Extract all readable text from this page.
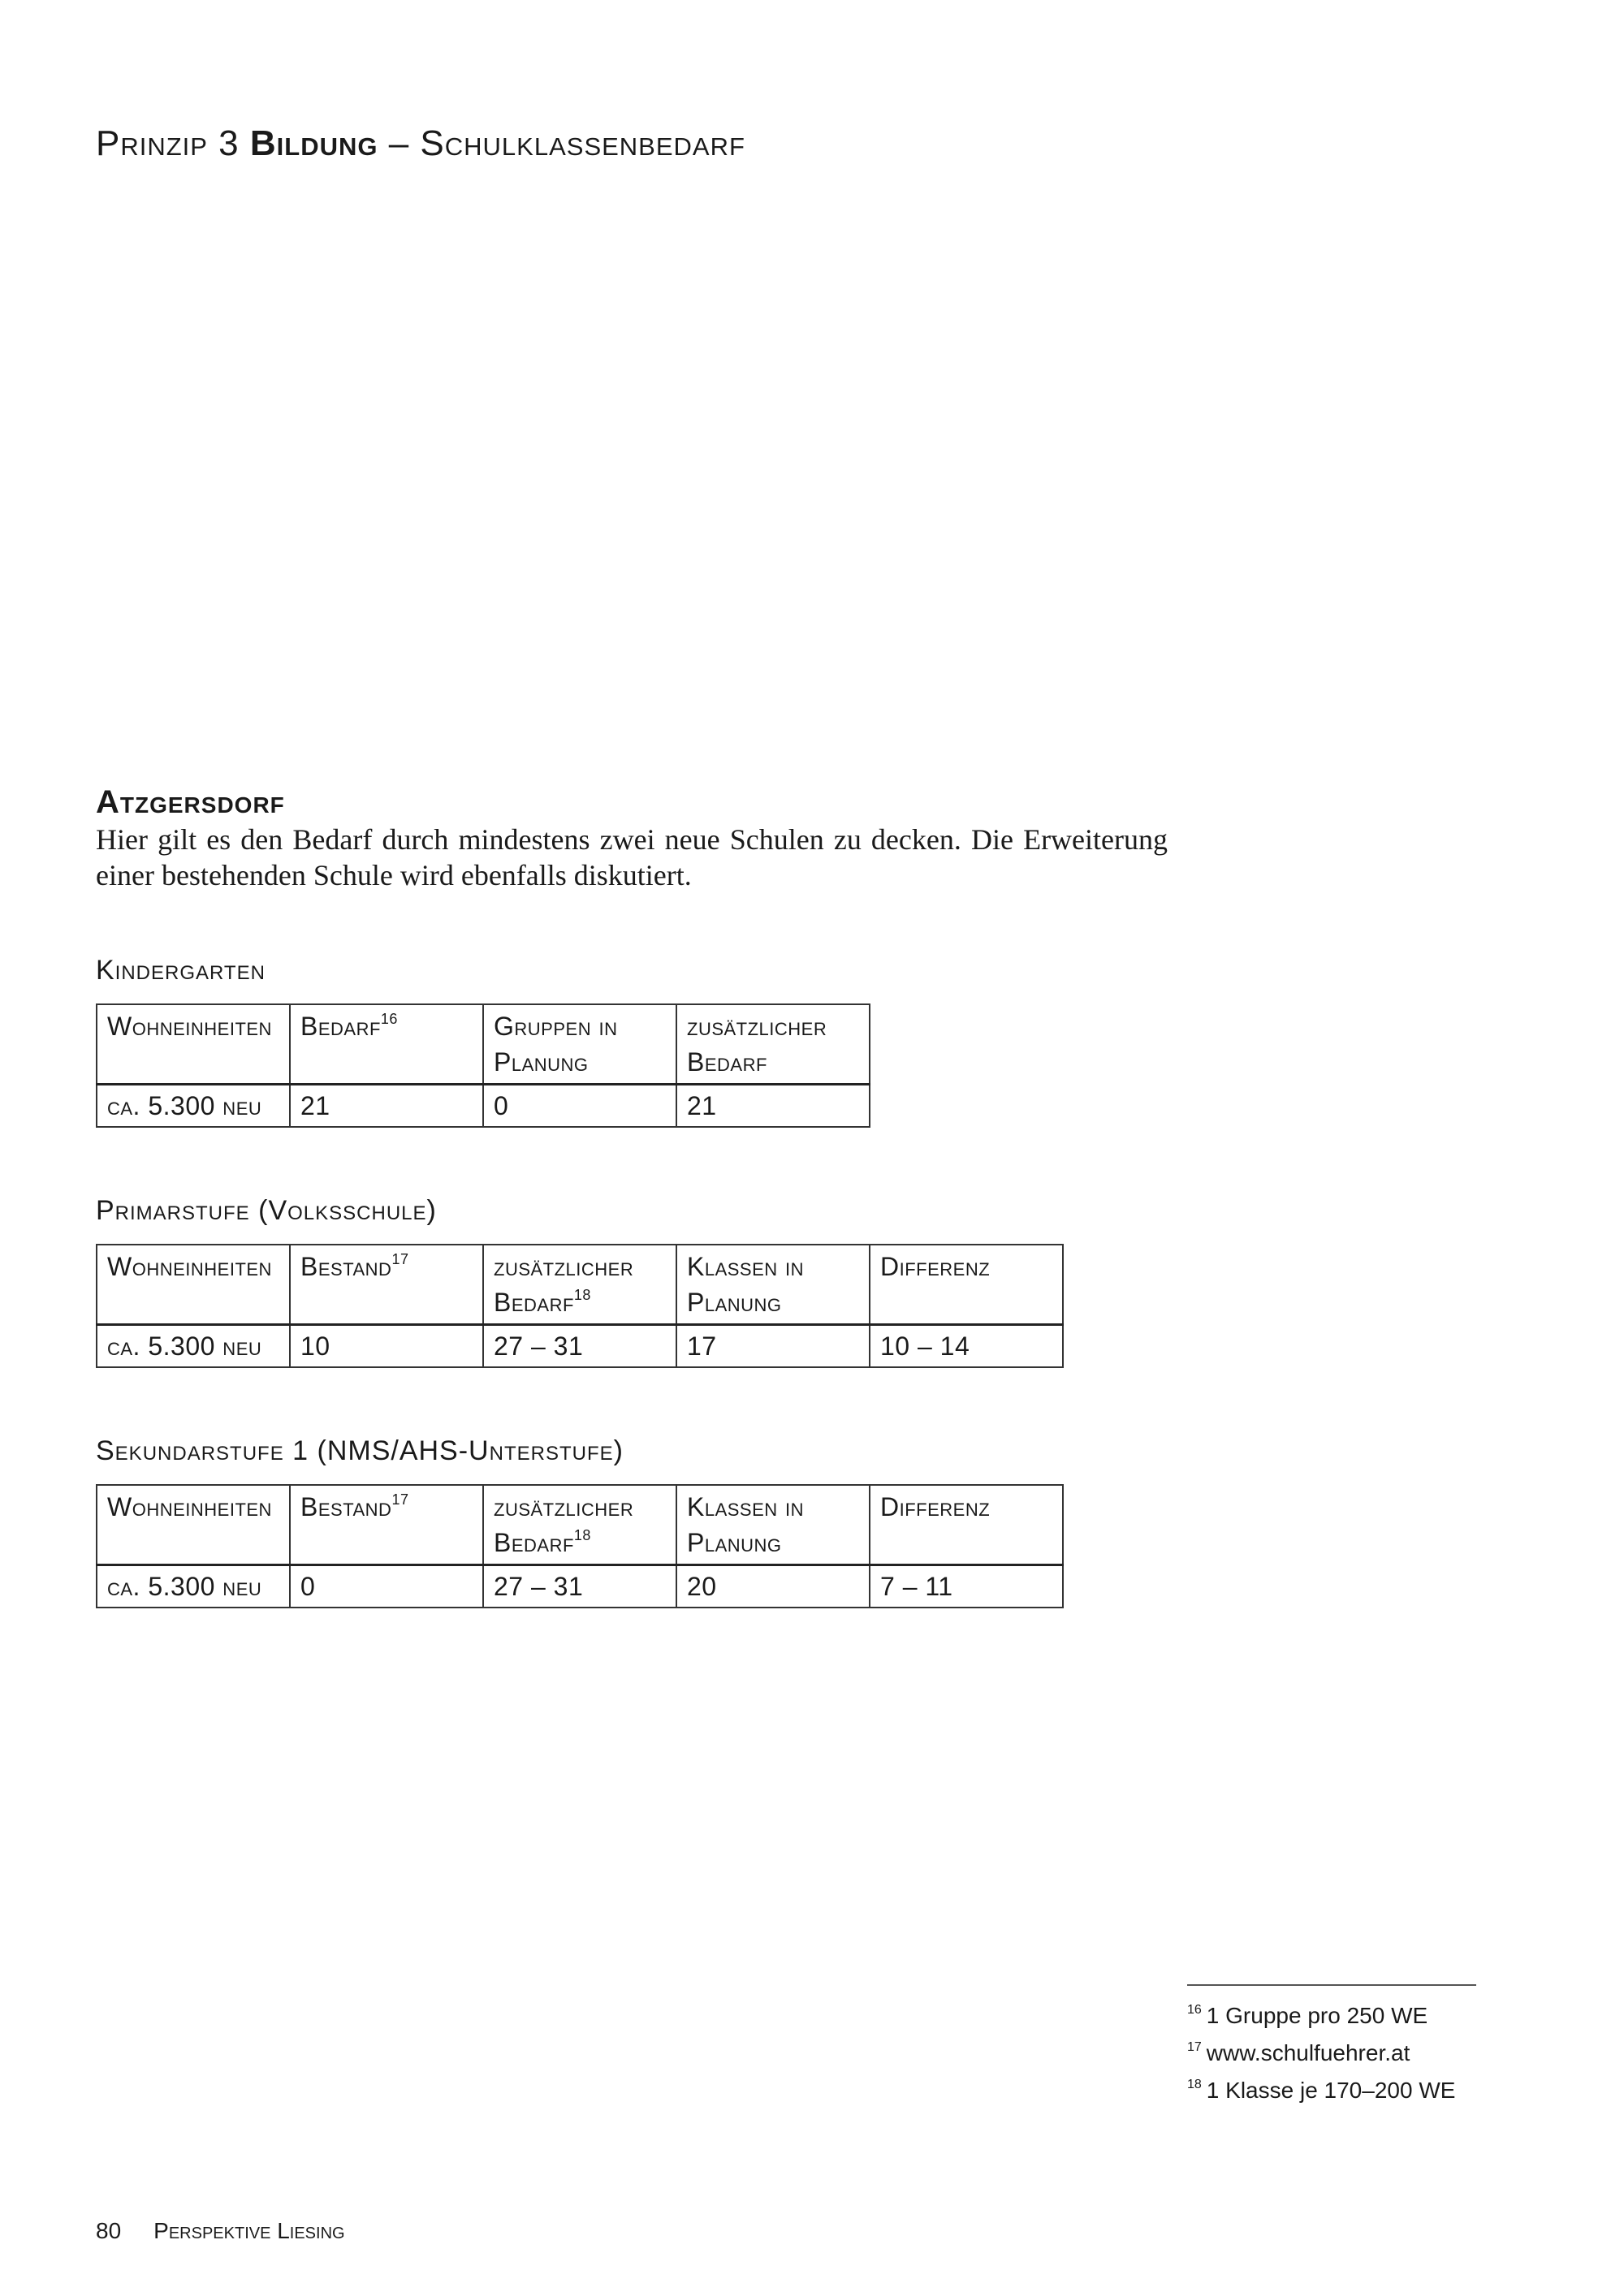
Prinzip 3 Bildung – Schulklassenbedarf
Atzgersdorf

Hier gilt es den Bedarf durch mindestens zwei neue Schulen zu decken. Die Erweiterung einer bestehenden Schule wird ebenfalls diskutiert.

Kindergarten
Wohneinheiten	Bedarf$^{16}$	Gruppen in Planung	zusätzlicher Bedarf
ca. 5.300 neu	21	0	21
Primarstufe (Volksschule)
Wohneinheiten	Bestand$^{17}$	zusätzlicher Bedarf$^{18}$	Klassen in Planung	Differenz
ca. 5.300 neu	10	27 – 31	17	10 – 14
Sekundarstufe 1 (NMS/AHS-Unterstufe)
Wohneinheiten	Bestand$^{17}$	zusätzlicher Bedarf$^{18}$	Klassen in Planung	Differenz
ca. 5.300 neu	0	27 – 31	20	7 – 11
$^{16}$ 1 Gruppe pro 250 WE
$^{17}$ www.schulfuehrer.at
$^{18}$ 1 Klasse je 170–200 WE
80 Perspektive Liesing
